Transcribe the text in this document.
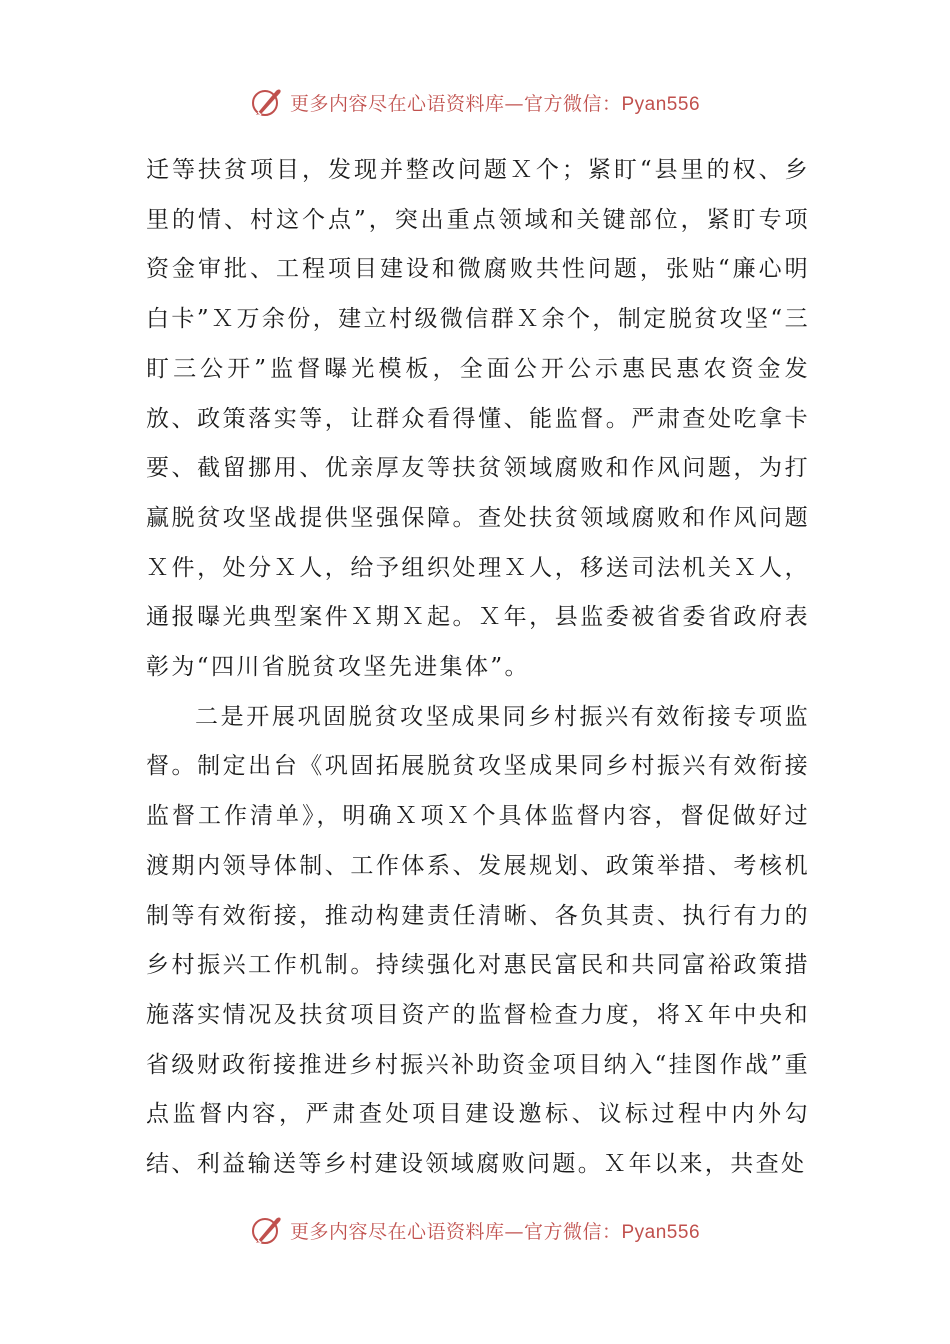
更多内容尽在心语资料库—官方微信：Pyan556

迁等扶贫项目，发现并整改问题Ｘ个；紧盯“县里的权、乡里的情、村这个点”，突出重点领域和关键部位，紧盯专项资金审批、工程项目建设和微腐败共性问题，张贴“廉心明白卡”Ｘ万余份，建立村级微信群Ｘ余个，制定脱贫攻坚“三盯三公开”监督曝光模板，全面公开公示惠民惠农资金发放、政策落实等，让群众看得懂、能监督。严肃查处吃拿卡要、截留挪用、优亲厚友等扶贫领域腐败和作风问题，为打赢脱贫攻坚战提供坚强保障。查处扶贫领域腐败和作风问题Ｘ件，处分Ｘ人，给予组织处理Ｘ人，移送司法机关Ｘ人，通报曝光典型案件Ｘ期Ｘ起。Ｘ年，县监委被省委省政府表彰为“四川省脱贫攻坚先进集体”。

二是开展巩固脱贫攻坚成果同乡村振兴有效衔接专项监督。制定出台《巩固拓展脱贫攻坚成果同乡村振兴有效衔接监督工作清单》，明确Ｘ项Ｘ个具体监督内容，督促做好过渡期内领导体制、工作体系、发展规划、政策举措、考核机制等有效衔接，推动构建责任清晰、各负其责、执行有力的乡村振兴工作机制。持续强化对惠民富民和共同富裕政策措施落实情况及扶贫项目资产的监督检查力度，将Ｘ年中央和省级财政衔接推进乡村振兴补助资金项目纳入“挂图作战”重点监督内容，严肃查处项目建设邀标、议标过程中内外勾结、利益输送等乡村建设领域腐败问题。Ｘ年以来，共查处

更多内容尽在心语资料库—官方微信：Pyan556
